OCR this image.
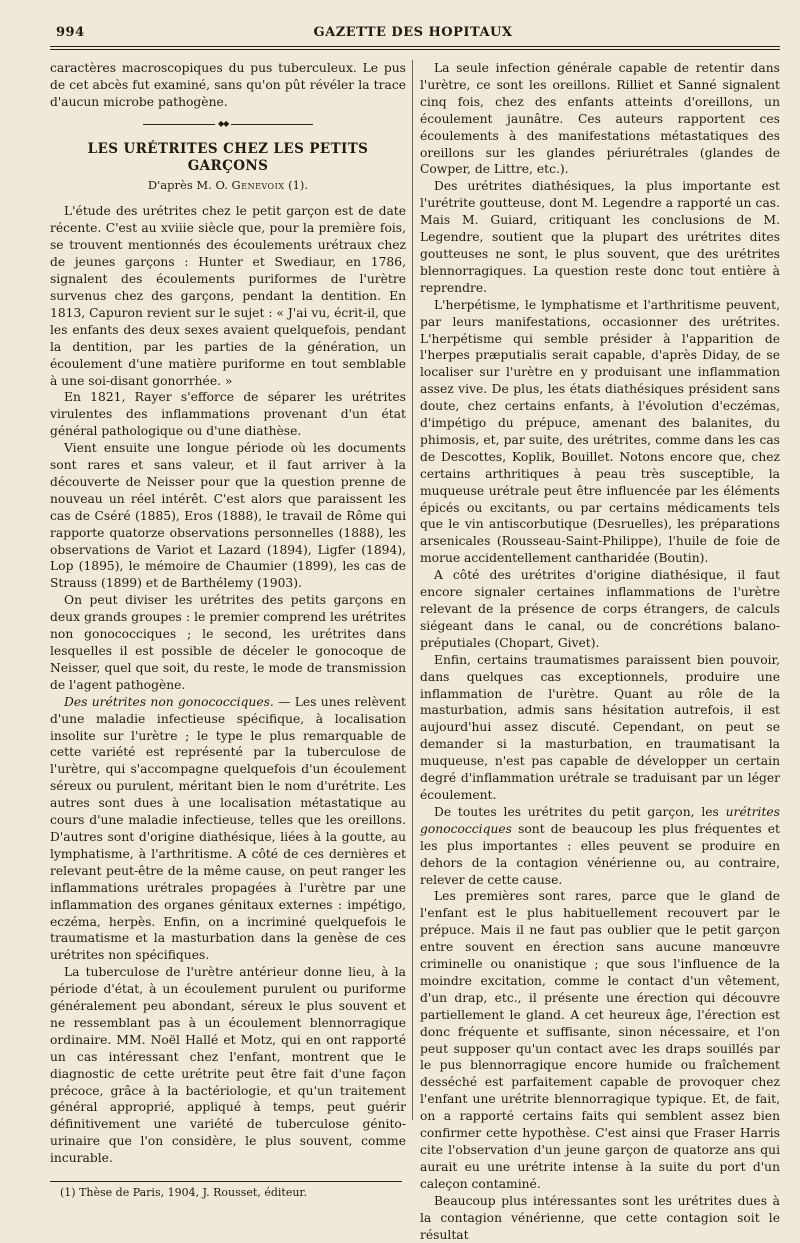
994	GAZETTE DES HOPITAUX

caractères macroscopiques du pus tuberculeux. Le pus de cet abcès fut examiné, sans qu'on pût révéler la trace d'aucun microbe pathogène.

◆◆
LES URÉTRITES CHEZ LES PETITS GARÇONS
D'après M. O. Genevoix (1).

L'étude des urétrites chez le petit garçon est de date récente. C'est au xviiie siècle que, pour la première fois, se trouvent mentionnés des écoulements urétraux chez de jeunes garçons : Hunter et Swediaur, en 1786, signalent des écoulements puriformes de l'urètre survenus chez des garçons, pendant la dentition. En 1813, Capuron revient sur le sujet : « J'ai vu, écrit-il, que les enfants des deux sexes avaient quelquefois, pendant la dentition, par les parties de la génération, un écoulement d'une matière puriforme en tout semblable à une soi-disant gonorrhée. »

En 1821, Rayer s'efforce de séparer les urétrites virulentes des inflammations provenant d'un état général pathologique ou d'une diathèse.

Vient ensuite une longue période où les documents sont rares et sans valeur, et il faut arriver à la découverte de Neisser pour que la question prenne de nouveau un réel intérêt. C'est alors que paraissent les cas de Cséré (1885), Eros (1888), le travail de Rôme qui rapporte quatorze observations personnelles (1888), les observations de Variot et Lazard (1894), Ligfer (1894), Lop (1895), le mémoire de Chaumier (1899), les cas de Strauss (1899) et de Barthélemy (1903).

On peut diviser les urétrites des petits garçons en deux grands groupes : le premier comprend les urétrites non gonococciques ; le second, les urétrites dans lesquelles il est possible de déceler le gonocoque de Neisser, quel que soit, du reste, le mode de transmission de l'agent pathogène.

Des urétrites non gonococciques. — Les unes relèvent d'une maladie infectieuse spécifique, à localisation insolite sur l'urètre ; le type le plus remarquable de cette variété est représenté par la tuberculose de l'urètre, qui s'accompagne quelquefois d'un écoulement séreux ou purulent, méritant bien le nom d'urétrite. Les autres sont dues à une localisation métastatique au cours d'une maladie infectieuse, telles que les oreillons. D'autres sont d'origine diathésique, liées à la goutte, au lymphatisme, à l'arthritisme. A côté de ces dernières et relevant peut-être de la même cause, on peut ranger les inflammations urétrales propagées à l'urètre par une inflammation des organes génitaux externes : impétigo, eczéma, herpès. Enfin, on a incriminé quelquefois le traumatisme et la masturbation dans la genèse de ces urétrites non spécifiques.

La tuberculose de l'urètre antérieur donne lieu, à la période d'état, à un écoulement purulent ou puriforme généralement peu abondant, séreux le plus souvent et ne ressemblant pas à un écoulement blennorragique ordinaire. MM. Noël Hallé et Motz, qui en ont rapporté un cas intéressant chez l'enfant, montrent que le diagnostic de cette urétrite peut être fait d'une façon précoce, grâce à la bactériologie, et qu'un traitement général approprié, appliqué à temps, peut guérir définitivement une variété de tuberculose génito-urinaire que l'on considère, le plus souvent, comme incurable.

(1) Thèse de Paris, 1904, J. Rousset, éditeur.

La seule infection générale capable de retentir dans l'urètre, ce sont les oreillons. Rilliet et Sanné signalent cinq fois, chez des enfants atteints d'oreillons, un écoulement jaunâtre. Ces auteurs rapportent ces écoulements à des manifestations métastatiques des oreillons sur les glandes périurétrales (glandes de Cowper, de Littre, etc.).

Des urétrites diathésiques, la plus importante est l'urétrite goutteuse, dont M. Legendre a rapporté un cas. Mais M. Guiard, critiquant les conclusions de M. Legendre, soutient que la plupart des urétrites dites goutteuses ne sont, le plus souvent, que des urétrites blennorragiques. La question reste donc tout entière à reprendre.

L'herpétisme, le lymphatisme et l'arthritisme peuvent, par leurs manifestations, occasionner des urétrites. L'herpétisme qui semble présider à l'apparition de l'herpes præputialis serait capable, d'après Diday, de se localiser sur l'urètre en y produisant une inflammation assez vive. De plus, les états diathésiques président sans doute, chez certains enfants, à l'évolution d'eczémas, d'impétigo du prépuce, amenant des balanites, du phimosis, et, par suite, des urétrites, comme dans les cas de Descottes, Koplik, Bouillet. Notons encore que, chez certains arthritiques à peau très susceptible, la muqueuse urétrale peut être influencée par les éléments épicés ou excitants, ou par certains médicaments tels que le vin antiscorbutique (Desruelles), les préparations arsenicales (Rousseau-Saint-Philippe), l'huile de foie de morue accidentellement cantharidée (Boutin).

A côté des urétrites d'origine diathésique, il faut encore signaler certaines inflammations de l'urètre relevant de la présence de corps étrangers, de calculs siégeant dans le canal, ou de concrétions balano-préputiales (Chopart, Givet).

Enfin, certains traumatismes paraissent bien pouvoir, dans quelques cas exceptionnels, produire une inflammation de l'urètre. Quant au rôle de la masturbation, admis sans hésitation autrefois, il est aujourd'hui assez discuté. Cependant, on peut se demander si la masturbation, en traumatisant la muqueuse, n'est pas capable de développer un certain degré d'inflammation urétrale se traduisant par un léger écoulement.

De toutes les urétrites du petit garçon, les urétrites gonococciques sont de beaucoup les plus fréquentes et les plus importantes : elles peuvent se produire en dehors de la contagion vénérienne ou, au contraire, relever de cette cause.

Les premières sont rares, parce que le gland de l'enfant est le plus habituellement recouvert par le prépuce. Mais il ne faut pas oublier que le petit garçon entre souvent en érection sans aucune manœuvre criminelle ou onanistique ; que sous l'influence de la moindre excitation, comme le contact d'un vêtement, d'un drap, etc., il présente une érection qui découvre partiellement le gland. A cet heureux âge, l'érection est donc fréquente et suffisante, sinon nécessaire, et l'on peut supposer qu'un contact avec les draps souillés par le pus blennorragique encore humide ou fraîchement desséché est parfaitement capable de provoquer chez l'enfant une urétrite blennorragique typique. Et, de fait, on a rapporté certains faits qui semblent assez bien confirmer cette hypothèse. C'est ainsi que Fraser Harris cite l'observation d'un jeune garçon de quatorze ans qui aurait eu une urétrite intense à la suite du port d'un caleçon contaminé.

Beaucoup plus intéressantes sont les urétrites dues à la contagion vénérienne, que cette contagion soit le résultat
